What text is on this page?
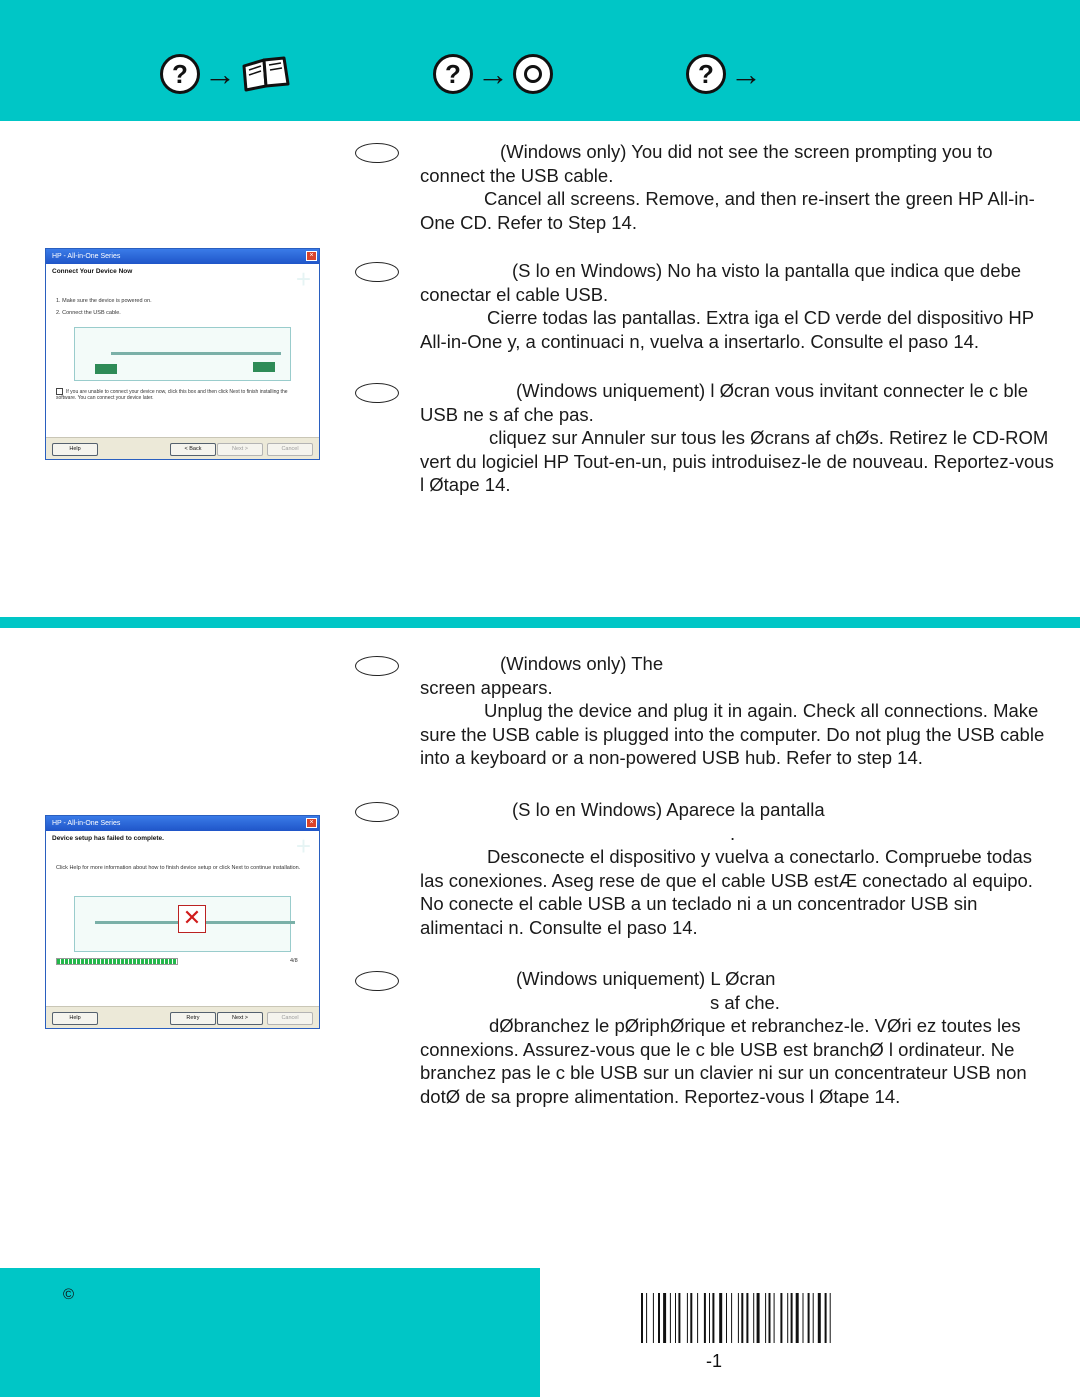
? →	? →	? →
HP - All-in-One Series	×
+
Connect Your Device Now
1. Make sure the device is powered on.
2. Connect the USB cable.
If you are unable to connect your device now, click this box and then click Next to finish installing the software. You can connect your device later.
Help	< Back	Next >	Cancel

(Windows only) You did not see the screen prompting you to connect the USB cable.

Cancel all screens. Remove, and then re-insert the green HP All-in-One CD. Refer to Step 14.

(S lo en Windows) No ha visto la pantalla que indica que debe conectar el cable USB.

Cierre todas las pantallas. Extra iga el CD verde del dispositivo HP All-in-One y, a continuaci n, vuelva a insertarlo. Consulte el paso 14.

(Windows uniquement) l Øcran vous invitant connecter le c ble USB ne s af che pas.

cliquez sur Annuler sur tous les Øcrans af chØs. Retirez le CD-ROM vert du logiciel HP Tout-en-un, puis introduisez-le de nouveau. Reportez-vous l Øtape 14.

HP - All-in-One Series	×
+
Device setup has failed to complete.
Click Help for more information about how to finish device setup or click Next to continue installation.
✕
4/8
Help	Retry	Next >	Cancel

(Windows only) The

screen appears.

Unplug the device and plug it in again. Check all connections. Make sure the USB cable is plugged into the computer. Do not plug the USB cable into a keyboard or a non-powered USB hub. Refer to step 14.

(S lo en Windows) Aparece la pantalla

.

Desconecte el dispositivo y vuelva a conectarlo. Compruebe todas las conexiones. Aseg rese de que el cable USB estÆ conectado al equipo. No conecte el cable USB a un teclado ni a un concentrador USB sin alimentaci n. Consulte el paso 14.

(Windows uniquement) L Øcran

s af che.

dØbranchez le pØriphØrique et rebranchez-le. VØri ez toutes les connexions. Assurez-vous que le c ble USB est branchØ l ordinateur. Ne branchez pas le c ble USB sur un clavier ni sur un concentrateur USB non dotØ de sa propre alimentation. Reportez-vous l Øtape 14.

©
-1
